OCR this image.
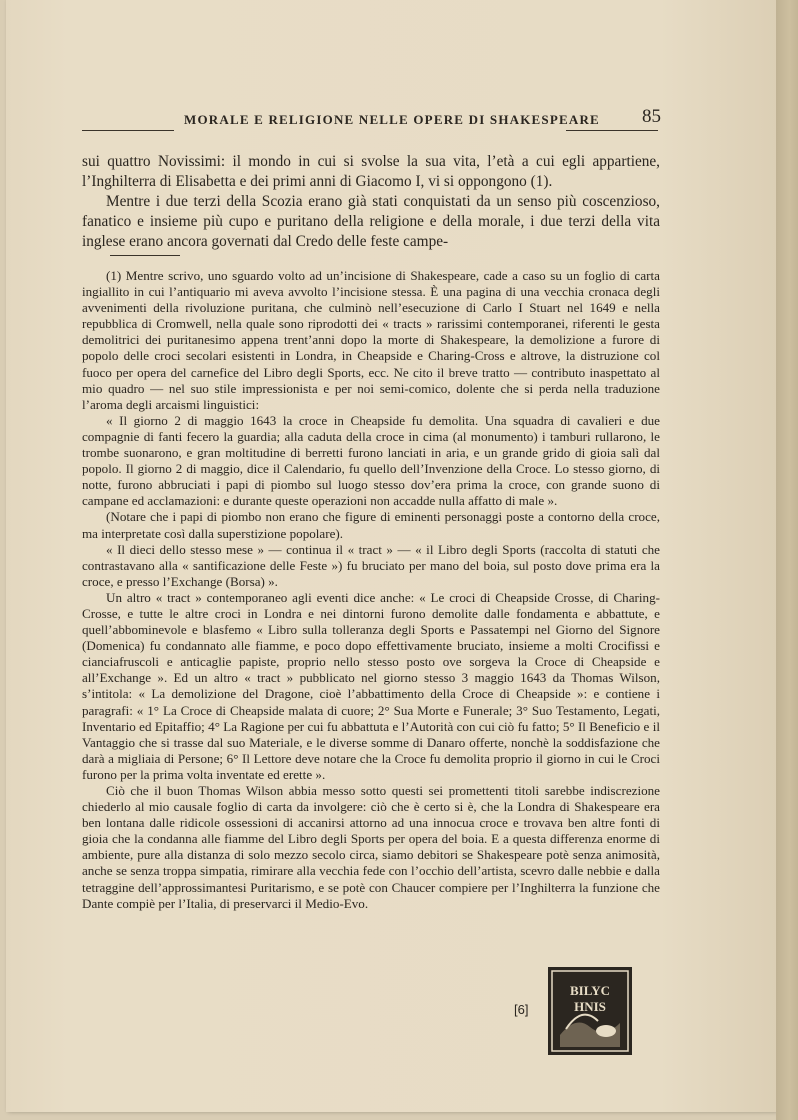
MORALE E RELIGIONE NELLE OPERE DI SHAKESPEARE	85

sui quattro Novissimi: il mondo in cui si svolse la sua vita, l’età a cui egli appartiene, l’Inghilterra di Elisabetta e dei primi anni di Giacomo I, vi si oppongono (1).

Mentre i due terzi della Scozia erano già stati conquistati da un senso più coscenzioso, fanatico e insieme più cupo e puritano della religione e della morale, i due terzi della vita inglese erano ancora governati dal Credo delle feste campe-

(1) Mentre scrivo, uno sguardo volto ad un’incisione di Shakespeare, cade a caso su un foglio di carta ingiallito in cui l’antiquario mi aveva avvolto l’incisione stessa. È una pagina di una vecchia cronaca degli avvenimenti della rivoluzione puritana, che culminò nell’esecuzione di Carlo I Stuart nel 1649 e nella repubblica di Cromwell, nella quale sono riprodotti dei « tracts » rarissimi contemporanei, riferenti le gesta demolitrici dei puritanesimo appena trent’anni dopo la morte di Shakespeare, la demolizione a furore di popolo delle croci secolari esistenti in Londra, in Cheapside e Charing-Cross e altrove, la distruzione col fuoco per opera del carnefice del Libro degli Sports, ecc. Ne cito il breve tratto — contributo inaspettato al mio quadro — nel suo stile impressionista e per noi semi-comico, dolente che si perda nella traduzione l’aroma degli arcaismi linguistici:

« Il giorno 2 di maggio 1643 la croce in Cheapside fu demolita. Una squadra di cavalieri e due compagnie di fanti fecero la guardia; alla caduta della croce in cima (al monumento) i tamburi rullarono, le trombe suonarono, e gran moltitudine di berretti furono lanciati in aria, e un grande grido di gioia salì dal popolo. Il giorno 2 di maggio, dice il Calendario, fu quello dell’Invenzione della Croce. Lo stesso giorno, di notte, furono abbruciati i papi di piombo sul luogo stesso dov’era prima la croce, con grande suono di campane ed acclamazioni: e durante queste operazioni non accadde nulla affatto di male ».

(Notare che i papi di piombo non erano che figure di eminenti personaggi poste a contorno della croce, ma interpretate così dalla superstizione popolare).

« Il dieci dello stesso mese » — continua il « tract » — « il Libro degli Sports (raccolta di statuti che contrastavano alla « santificazione delle Feste ») fu bruciato per mano del boia, sul posto dove prima era la croce, e presso l’Exchange (Borsa) ».

Un altro « tract » contemporaneo agli eventi dice anche: « Le croci di Cheapside Crosse, di Charing-Crosse, e tutte le altre croci in Londra e nei dintorni furono demolite dalle fondamenta e abbattute, e quell’abbominevole e blasfemo « Libro sulla tolleranza degli Sports e Passatempi nel Giorno del Signore (Domenica) fu condannato alle fiamme, e poco dopo effettivamente bruciato, insieme a molti Crocifissi e cianciafruscoli e anticaglie papiste, proprio nello stesso posto ove sorgeva la Croce di Cheapside e all’Exchange ». Ed un altro « tract » pubblicato nel giorno stesso 3 maggio 1643 da Thomas Wilson, s’intitola: « La demolizione del Dragone, cioè l’abbattimento della Croce di Cheapside »: e contiene i paragrafi: « 1° La Croce di Cheapside malata di cuore; 2° Sua Morte e Funerale; 3° Suo Testamento, Legati, Inventario ed Epitaffio; 4° La Ragione per cui fu abbattuta e l’Autorità con cui ciò fu fatto; 5° Il Beneficio e il Vantaggio che si trasse dal suo Materiale, e le diverse somme di Danaro offerte, nonchè la soddisfazione che darà a migliaia di Persone; 6° Il Lettore deve notare che la Croce fu demolita proprio il giorno in cui le Croci furono per la prima volta inventate ed erette ».

Ciò che il buon Thomas Wilson abbia messo sotto questi sei promettenti titoli sarebbe indiscrezione chiederlo al mio causale foglio di carta da involgere: ciò che è certo si è, che la Londra di Shakespeare era ben lontana dalle ridicole ossessioni di accanirsi attorno ad una innocua croce e trovava ben altre fonti di gioia che la condanna alle fiamme del Libro degli Sports per opera del boia. E a questa differenza enorme di ambiente, pure alla distanza di solo mezzo secolo circa, siamo debitori se Shakespeare potè senza animosità, anche se senza troppa simpatia, rimirare alla vecchia fede con l’occhio dell’artista, scevro dalle nebbie e dalla tetraggine dell’approssimantesi Puritarismo, e se potè con Chaucer compiere per l’Inghilterra la funzione che Dante compiè per l’Italia, di preservarci il Medio-Evo.

[6]
BILYC
HNIS
